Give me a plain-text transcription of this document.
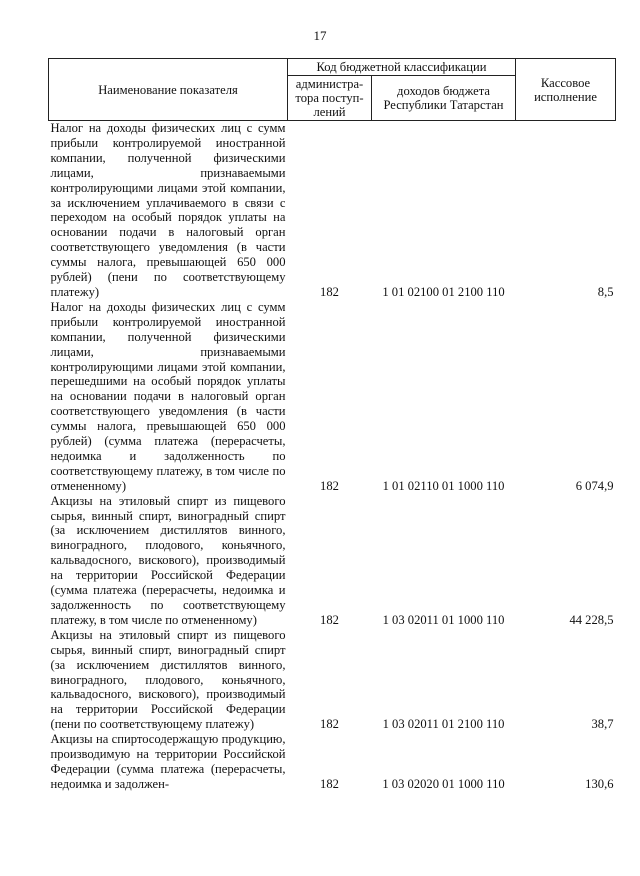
17
Наименование показателя	Код бюджетной классификации		Кассовое исполнение
	администра-тора поступ-лений	доходов бюджета Республики Татарстан	
Налог на доходы физических лиц с сумм прибыли контролируемой иностранной компании, полученной физическими лицами, признаваемыми контролирующими лицами этой компании, за исключением уплачиваемого в связи с переходом на особый порядок уплаты на основании подачи в налоговый орган соответствующего уведомления (в части суммы налога, превышающей 650 000 рублей) (пени по соответствующему платежу)	182	1 01 02100 01 2100 110	8,5
Налог на доходы физических лиц с сумм прибыли контролируемой иностранной компании, полученной физическими лицами, признаваемыми контролирующими лицами этой компании, перешедшими на особый порядок уплаты на основании подачи в налоговый орган соответствующего уведомления (в части суммы налога, превышающей 650 000 рублей) (сумма платежа (перерасчеты, недоимка и задолженность по соответствующему платежу, в том числе по отмененному)	182	1 01 02110 01 1000 110	6 074,9
Акцизы на этиловый спирт из пищевого сырья, винный спирт, виноградный спирт (за исключением дистиллятов винного, виноградного, плодового, коньячного, кальвадосного, вискового), производимый на территории Российской Федерации (сумма платежа (перерасчеты, недоимка и задолженность по соответствующему платежу, в том числе по отмененному)	182	1 03 02011 01 1000 110	44 228,5
Акцизы на этиловый спирт из пищевого сырья, винный спирт, виноградный спирт (за исключением дистиллятов винного, виноградного, плодового, коньячного, кальвадосного, вискового), производимый на территории Российской Федерации (пени по соответствующему платежу)	182	1 03 02011 01 2100 110	38,7
Акцизы на спиртосодержащую продукцию, производимую на территории Российской Федерации (сумма платежа (перерасчеты, недоимка и задолжен-	182	1 03 02020 01 1000 110	130,6
